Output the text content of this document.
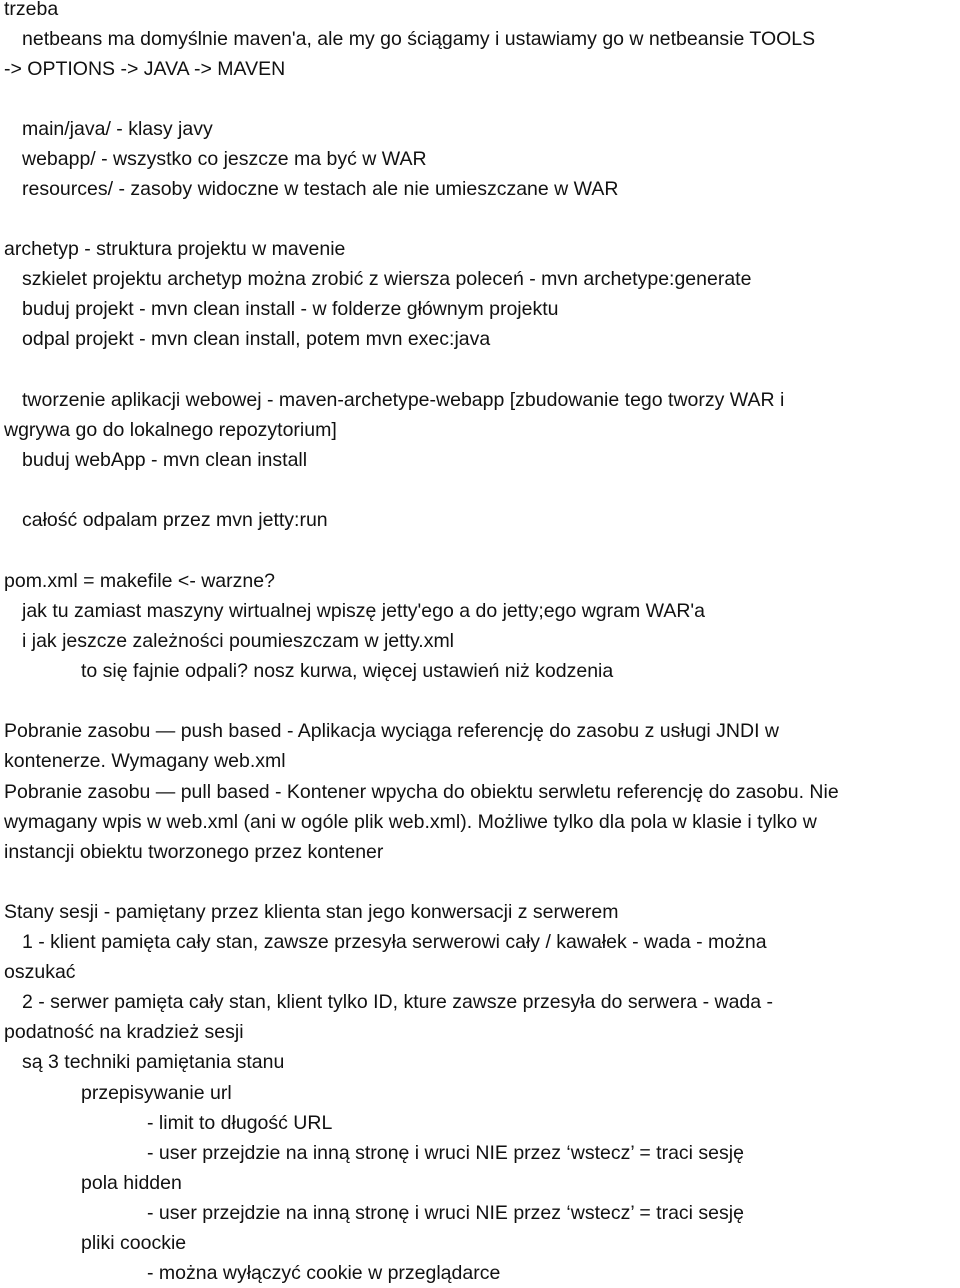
trzeba
netbeans ma domyślnie maven'a, ale my go ściągamy i ustawiamy go w netbeansie TOOLS
-> OPTIONS -> JAVA -> MAVEN
main/java/ - klasy javy
webapp/ - wszystko co jeszcze ma być w WAR
resources/ - zasoby widoczne w testach ale nie umieszczane w WAR
archetyp - struktura projektu w mavenie
szkielet projektu archetyp można zrobić z wiersza poleceń - mvn archetype:generate
buduj projekt - mvn clean install - w folderze głównym projektu
odpal projekt - mvn clean install, potem mvn exec:java
tworzenie aplikacji webowej - maven-archetype-webapp [zbudowanie tego tworzy WAR i
wgrywa go do lokalnego repozytorium]
buduj webApp - mvn clean install
całość odpalam przez mvn jetty:run
pom.xml = makefile <- warzne?
jak tu zamiast maszyny wirtualnej wpiszę jetty'ego a do jetty;ego wgram WAR'a
i jak jeszcze zależności poumieszczam w jetty.xml
to się fajnie odpali? nosz kurwa, więcej ustawień niż kodzenia
Pobranie zasobu — push based - Aplikacja wyciąga referencję do zasobu z usługi JNDI w
kontenerze. Wymagany web.xml
Pobranie zasobu — pull based - Kontener wpycha do obiektu serwletu referencję do zasobu. Nie
wymagany wpis w web.xml (ani w ogóle plik web.xml). Możliwe tylko dla pola w klasie i tylko w
instancji obiektu tworzonego przez kontener
Stany sesji - pamiętany przez klienta stan jego konwersacji z serwerem
1 - klient pamięta cały stan, zawsze przesyła serwerowi cały / kawałek - wada - można
oszukać
2 - serwer pamięta cały stan, klient tylko ID, kture zawsze przesyła do serwera - wada -
podatność na kradzież sesji
są 3 techniki pamiętania stanu
przepisywanie url
- limit to długość URL
- user przejdzie na inną stronę i wruci NIE przez ‘wstecz’ = traci sesję
pola hidden
- user przejdzie na inną stronę i wruci NIE przez ‘wstecz’ = traci sesję
pliki coockie
- można wyłączyć cookie w przeglądarce
